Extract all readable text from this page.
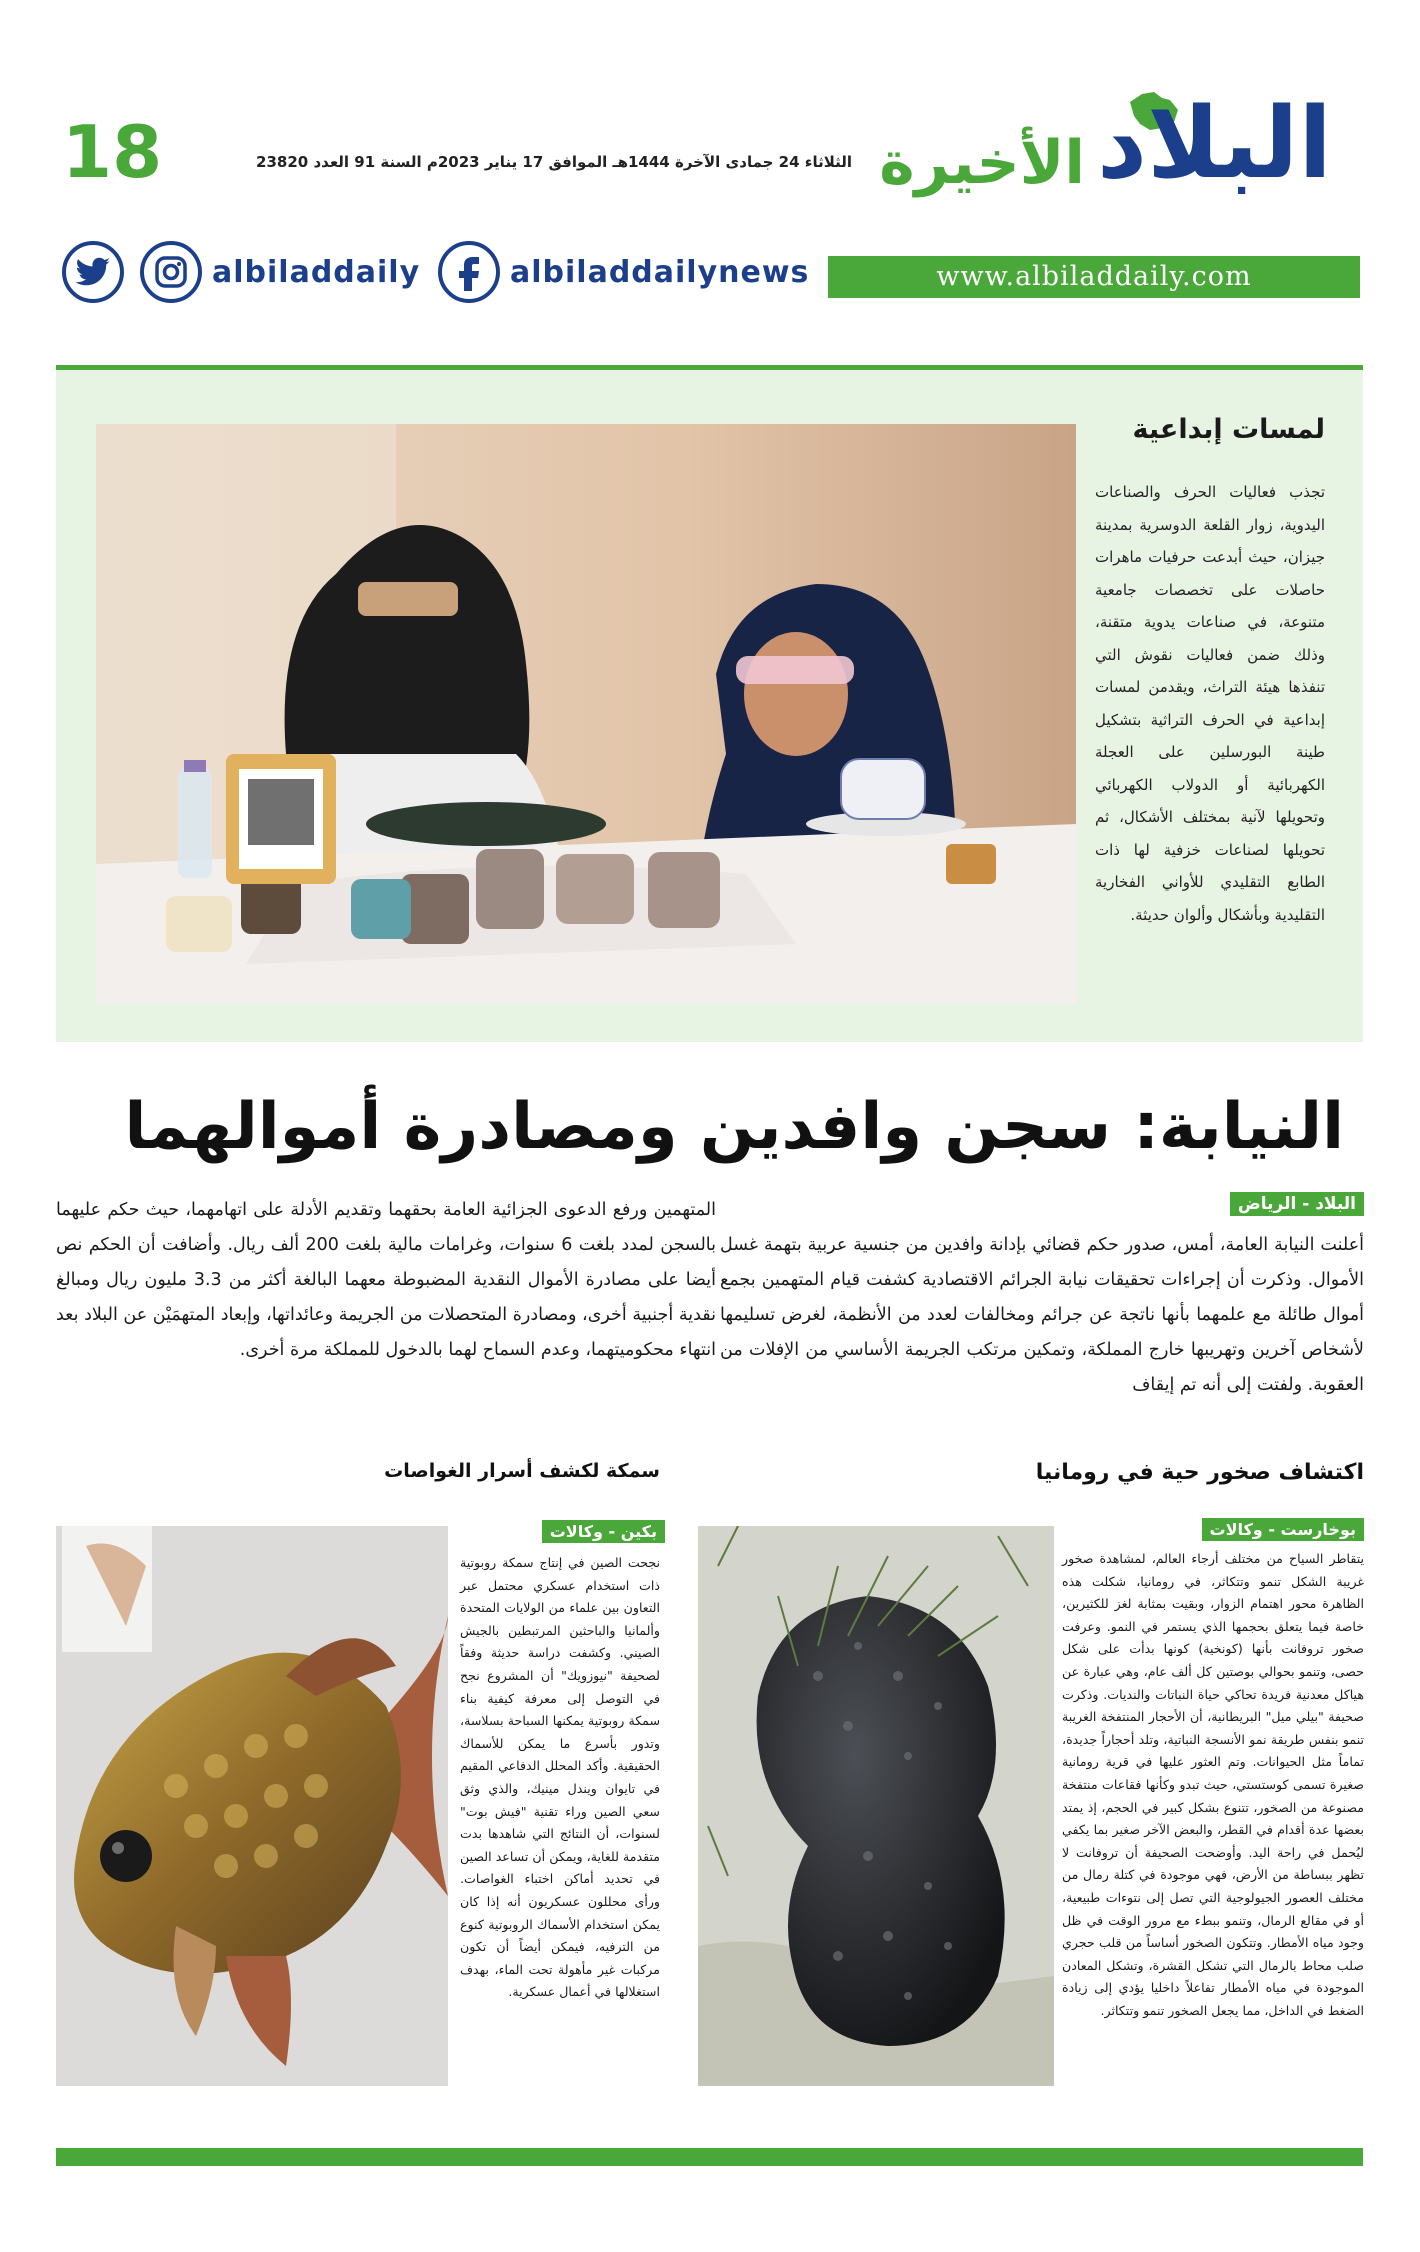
البلاد
الأخيرة
18	الثلاثاء 24 جمادى الآخرة 1444هـ الموافق 17 يناير 2023م السنة 91 العدد 23820
www.albiladdaily.com
albiladdailynews
albiladdaily
لمسات إبداعية
تجذب فعاليات الحرف والصناعات اليدوية، زوار القلعة الدوسرية بمدينة جيزان، حيث أبدعت حرفيات ماهرات حاصلات على تخصصات جامعية متنوعة، في صناعات يدوية متقنة، وذلك ضمن فعاليات نقوش التي تنفذها هيئة التراث، ويقدمن لمسات إبداعية في الحرف التراثية بتشكيل طينة البورسلين على العجلة الكهربائية أو الدولاب الكهربائي وتحويلها لآنية بمختلف الأشكال، ثم تحويلها لصناعات خزفية لها ذات الطابع التقليدي للأواني الفخارية التقليدية وبأشكال وألوان حديثة.
النيابة: سجن وافدين ومصادرة أموالهما
البلاد - الرياض
أعلنت النيابة العامة، أمس، صدور حكم قضائي بإدانة وافدين من جنسية عربية بتهمة غسل الأموال. وذكرت أن إجراءات تحقيقات نيابة الجرائم الاقتصادية كشفت قيام المتهمين بجمع أموال طائلة مع علمهما بأنها ناتجة عن جرائم ومخالفات لعدد من الأنظمة، لغرض تسليمها لأشخاص آخرين وتهريبها خارج المملكة، وتمكين مرتكب الجريمة الأساسي من الإفلات من العقوبة. ولفتت إلى أنه تم إيقاف
المتهمين ورفع الدعوى الجزائية العامة بحقهما وتقديم الأدلة على اتهامهما، حيث حكم عليهما بالسجن لمدد بلغت 6 سنوات، وغرامات مالية بلغت 200 ألف ريال. وأضافت أن الحكم نص أيضا على مصادرة الأموال النقدية المضبوطة معهما البالغة أكثر من 3.3 مليون ريال ومبالغ نقدية أجنبية أخرى، ومصادرة المتحصلات من الجريمة وعائداتها، وإبعاد المتهمَيْن عن البلاد بعد انتهاء محكوميتهما، وعدم السماح لهما بالدخول للمملكة مرة أخرى.
اكتشاف صخور حية في رومانيا
بوخارست - وكالات
يتقاطر السياح من مختلف أرجاء العالم، لمشاهدة صخور غريبة الشكل تنمو وتتكاثر، في رومانيا، شكلت هذه الظاهرة محور اهتمام الزوار، وبقيت بمثابة لغز للكثيرين، خاصة فيما يتعلق بحجمها الذي يستمر في النمو. وعرفت صخور تروفانت بأنها (كونخية) كونها بدأت على شكل حصى، وتنمو بحوالي بوصتين كل ألف عام، وهي عبارة عن هياكل معدنية فريدة تحاكي حياة النباتات والنديات. وذكرت صحيفة "بيلي ميل" البريطانية، أن الأحجار المنتفخة الغريبة تنمو بنفس طريقة نمو الأنسجة النباتية، وتلد أحجاراً جديدة، تماماً مثل الحيوانات. وتم العثور عليها في قرية رومانية صغيرة تسمى كوستستي، حيث تبدو وكأنها فقاعات منتفخة مصنوعة من الصخور، تتنوع بشكل كبير في الحجم، إذ يمتد بعضها عدة أقدام في القطر، والبعض الآخر صغير بما يكفي ليُحمل في راحة اليد. وأوضحت الصحيفة أن تروفانت لا تظهر ببساطة من الأرض، فهي موجودة في كتلة رمال من مختلف العصور الجيولوجية التي تصل إلى نتوءات طبيعية، أو في مقالع الرمال، وتنمو ببطء مع مرور الوقت في ظل وجود مياه الأمطار. وتتكون الصخور أساساً من قلب حجري صلب محاط بالرمال التي تشكل القشرة، وتشكل المعادن الموجودة في مياه الأمطار تفاعلاً داخليا يؤدي إلى زيادة الضغط في الداخل، مما يجعل الصخور تنمو وتتكاثر.
سمكة لكشف أسرار الغواصات
بكين - وكالات
نجحت الصين في إنتاج سمكة روبوتية ذات استخدام عسكري محتمل عبر التعاون بين علماء من الولايات المتحدة وألمانيا والباحثين المرتبطين بالجيش الصيني. وكشفت دراسة حديثة وفقاً لصحيفة "نيوزويك" أن المشروع نجح في التوصل إلى معرفة كيفية بناء سمكة روبوتية يمكنها السباحة بسلاسة، وتدور بأسرع ما يمكن للأسماك الحقيقية. وأكد المحلل الدفاعي المقيم في تايوان ويندل مينيك، والذي وثق سعي الصين وراء تقنية "فيش بوت" لسنوات، أن النتائج التي شاهدها بدت متقدمة للغاية، ويمكن أن تساعد الصين في تحديد أماكن اختباء الغواصات. ورأى محللون عسكريون أنه إذا كان يمكن استخدام الأسماك الروبوتية كنوع من الترفيه، فيمكن أيضاً أن تكون مركبات غير مأهولة تحت الماء، بهدف استغلالها في أعمال عسكرية.
